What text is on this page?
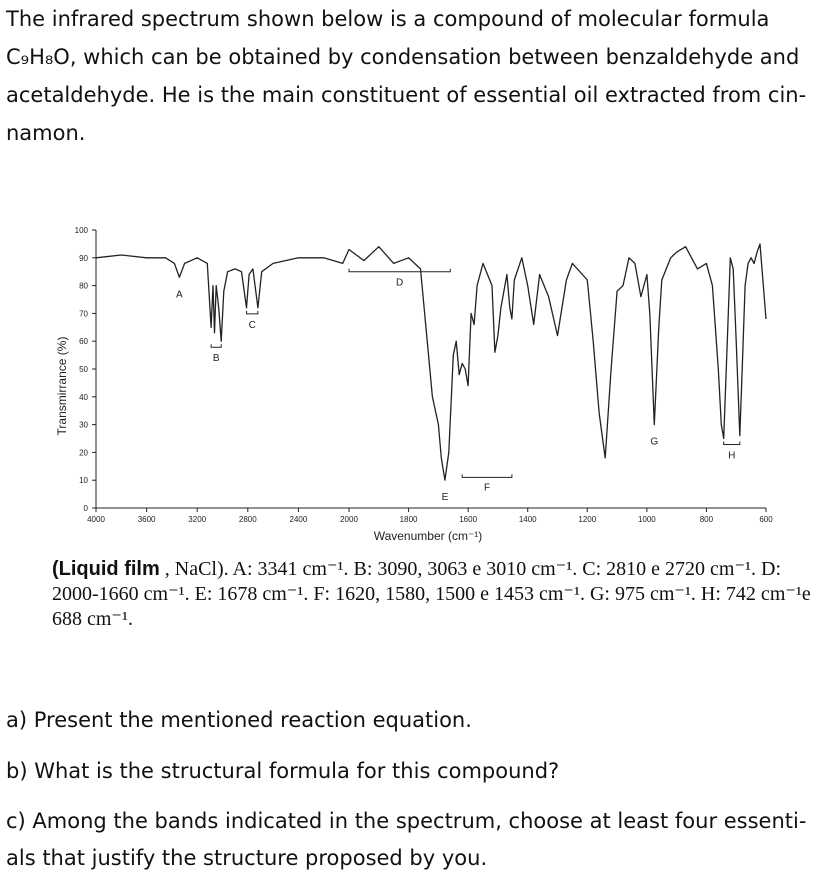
The infrared spectrum shown below is a compound of molecular formula C₉H₈O, which can be obtained by condensation between benzaldehyde and acetaldehyde. He is the main constituent of essential oil extracted from cin-namon.

0
10
20
30
40
50
60
70
80
90
100
4000	3600	3200	2800	2400	2000	1800	1600	1400	1200	1000	800	600
A
B
C
D
E
F
G
H
Transmirrance (%)
Wavenumber (cm⁻¹)

(Liquid film , NaCl). A: 3341 cm⁻¹. B: 3090, 3063 e 3010 cm⁻¹. C: 2810 e 2720 cm⁻¹. D: 2000-1660 cm⁻¹. E: 1678 cm⁻¹. F: 1620, 1580, 1500 e 1453 cm⁻¹. G: 975 cm⁻¹. H: 742 cm⁻¹e 688 cm⁻¹.

a) Present the mentioned reaction equation.

b) What is the structural formula for this compound?

c) Among the bands indicated in the spectrum, choose at least four essenti-als that justify the structure proposed by you.
